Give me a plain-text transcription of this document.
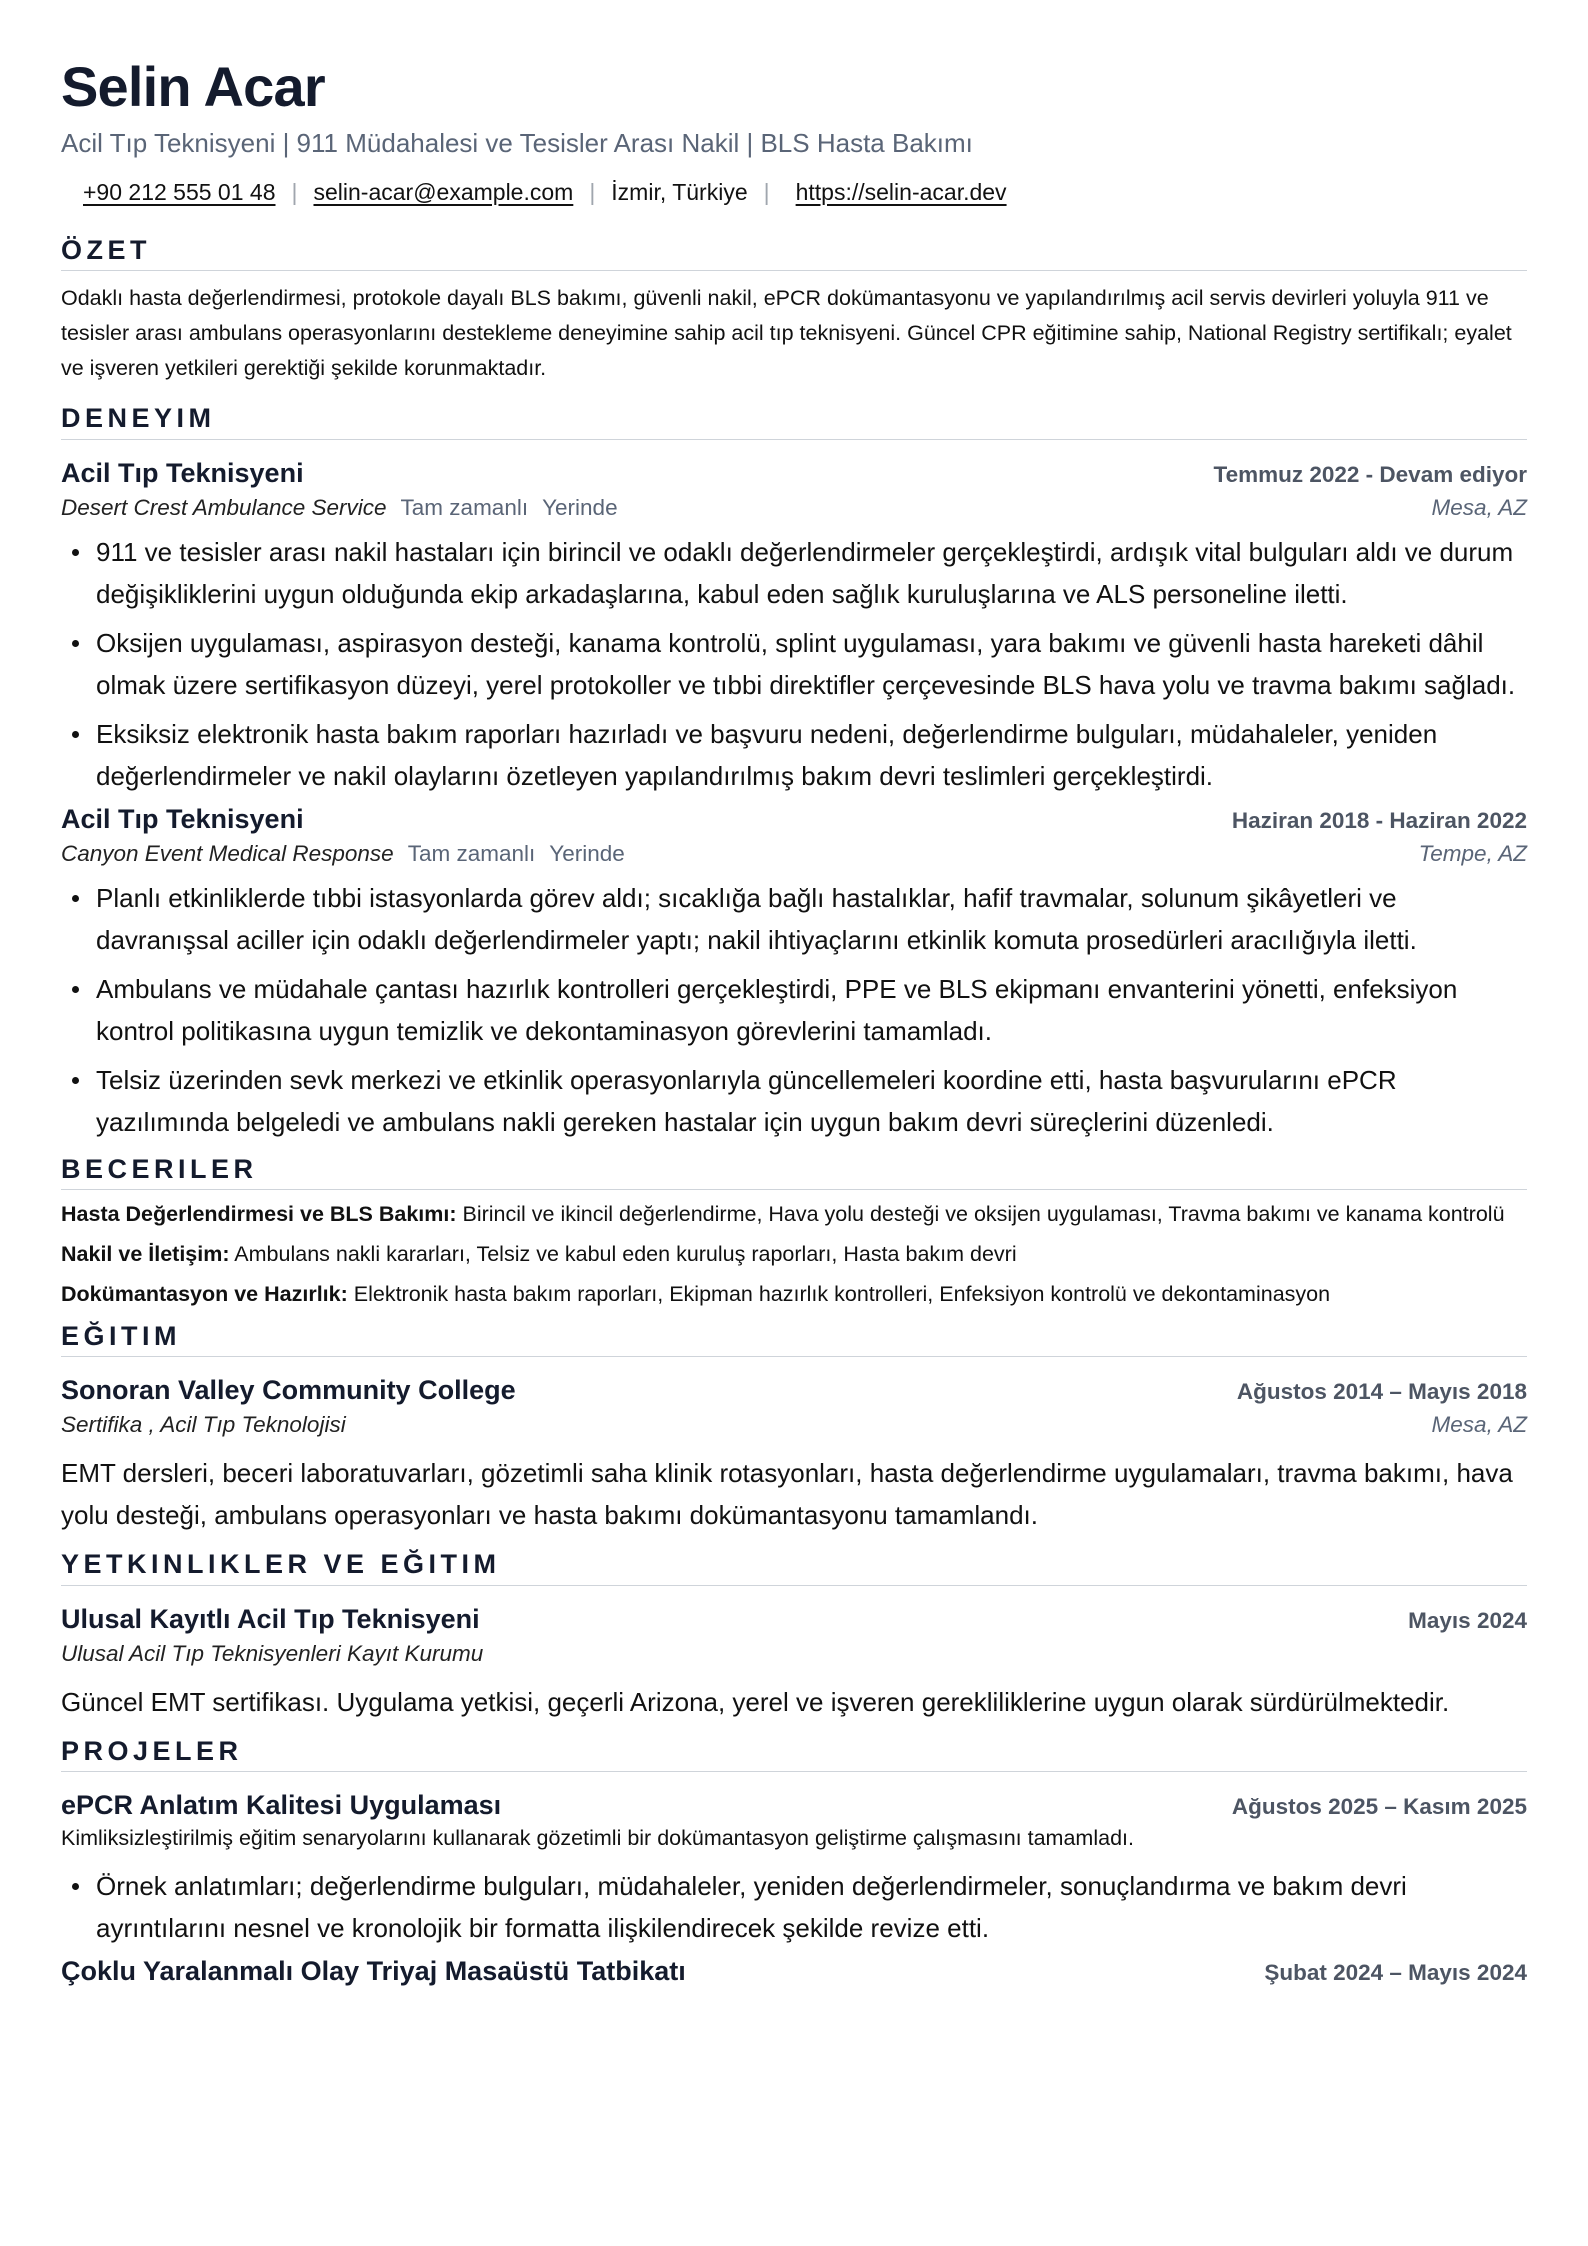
Selin Acar
Acil Tıp Teknisyeni | 911 Müdahalesi ve Tesisler Arası Nakil | BLS Hasta Bakımı
+90 212 555 01 48 | selin-acar@example.com | İzmir, Türkiye | https://selin-acar.dev
ÖZET
Odaklı hasta değerlendirmesi, protokole dayalı BLS bakımı, güvenli nakil, ePCR dokümantasyonu ve yapılandırılmış acil servis devirleri yoluyla 911 ve tesisler arası ambulans operasyonlarını destekleme deneyimine sahip acil tıp teknisyeni. Güncel CPR eğitimine sahip, National Registry sertifikalı; eyalet ve işveren yetkileri gerektiği şekilde korunmaktadır.
DENEYIM
Acil Tıp Teknisyeni	Temmuz 2022 - Devam ediyor
Desert Crest Ambulance Service Tam zamanlı Yerinde	Mesa, AZ
911 ve tesisler arası nakil hastaları için birincil ve odaklı değerlendirmeler gerçekleştirdi, ardışık vital bulguları aldı ve durum değişikliklerini uygun olduğunda ekip arkadaşlarına, kabul eden sağlık kuruluşlarına ve ALS personeline iletti.
Oksijen uygulaması, aspirasyon desteği, kanama kontrolü, splint uygulaması, yara bakımı ve güvenli hasta hareketi dâhil olmak üzere sertifikasyon düzeyi, yerel protokoller ve tıbbi direktifler çerçevesinde BLS hava yolu ve travma bakımı sağladı.
Eksiksiz elektronik hasta bakım raporları hazırladı ve başvuru nedeni, değerlendirme bulguları, müdahaleler, yeniden değerlendirmeler ve nakil olaylarını özetleyen yapılandırılmış bakım devri teslimleri gerçekleştirdi.
Acil Tıp Teknisyeni	Haziran 2018 - Haziran 2022
Canyon Event Medical Response Tam zamanlı Yerinde	Tempe, AZ
Planlı etkinliklerde tıbbi istasyonlarda görev aldı; sıcaklığa bağlı hastalıklar, hafif travmalar, solunum şikâyetleri ve davranışsal aciller için odaklı değerlendirmeler yaptı; nakil ihtiyaçlarını etkinlik komuta prosedürleri aracılığıyla iletti.
Ambulans ve müdahale çantası hazırlık kontrolleri gerçekleştirdi, PPE ve BLS ekipmanı envanterini yönetti, enfeksiyon kontrol politikasına uygun temizlik ve dekontaminasyon görevlerini tamamladı.
Telsiz üzerinden sevk merkezi ve etkinlik operasyonlarıyla güncellemeleri koordine etti, hasta başvurularını ePCR yazılımında belgeledi ve ambulans nakli gereken hastalar için uygun bakım devri süreçlerini düzenledi.
BECERILER
Hasta Değerlendirmesi ve BLS Bakımı: Birincil ve ikincil değerlendirme, Hava yolu desteği ve oksijen uygulaması, Travma bakımı ve kanama kontrolü
Nakil ve İletişim: Ambulans nakli kararları, Telsiz ve kabul eden kuruluş raporları, Hasta bakım devri
Dokümantasyon ve Hazırlık: Elektronik hasta bakım raporları, Ekipman hazırlık kontrolleri, Enfeksiyon kontrolü ve dekontaminasyon
EĞITIM
Sonoran Valley Community College	Ağustos 2014 – Mayıs 2018
Sertifika , Acil Tıp Teknolojisi	Mesa, AZ
EMT dersleri, beceri laboratuvarları, gözetimli saha klinik rotasyonları, hasta değerlendirme uygulamaları, travma bakımı, hava yolu desteği, ambulans operasyonları ve hasta bakımı dokümantasyonu tamamlandı.
YETKINLIKLER VE EĞITIM
Ulusal Kayıtlı Acil Tıp Teknisyeni	Mayıs 2024
Ulusal Acil Tıp Teknisyenleri Kayıt Kurumu
Güncel EMT sertifikası. Uygulama yetkisi, geçerli Arizona, yerel ve işveren gerekliliklerine uygun olarak sürdürülmektedir.
PROJELER
ePCR Anlatım Kalitesi Uygulaması	Ağustos 2025 – Kasım 2025
Kimliksizleştirilmiş eğitim senaryolarını kullanarak gözetimli bir dokümantasyon geliştirme çalışmasını tamamladı.
Örnek anlatımları; değerlendirme bulguları, müdahaleler, yeniden değerlendirmeler, sonuçlandırma ve bakım devri ayrıntılarını nesnel ve kronolojik bir formatta ilişkilendirecek şekilde revize etti.
Çoklu Yaralanmalı Olay Triyaj Masaüstü Tatbikatı	Şubat 2024 – Mayıs 2024
